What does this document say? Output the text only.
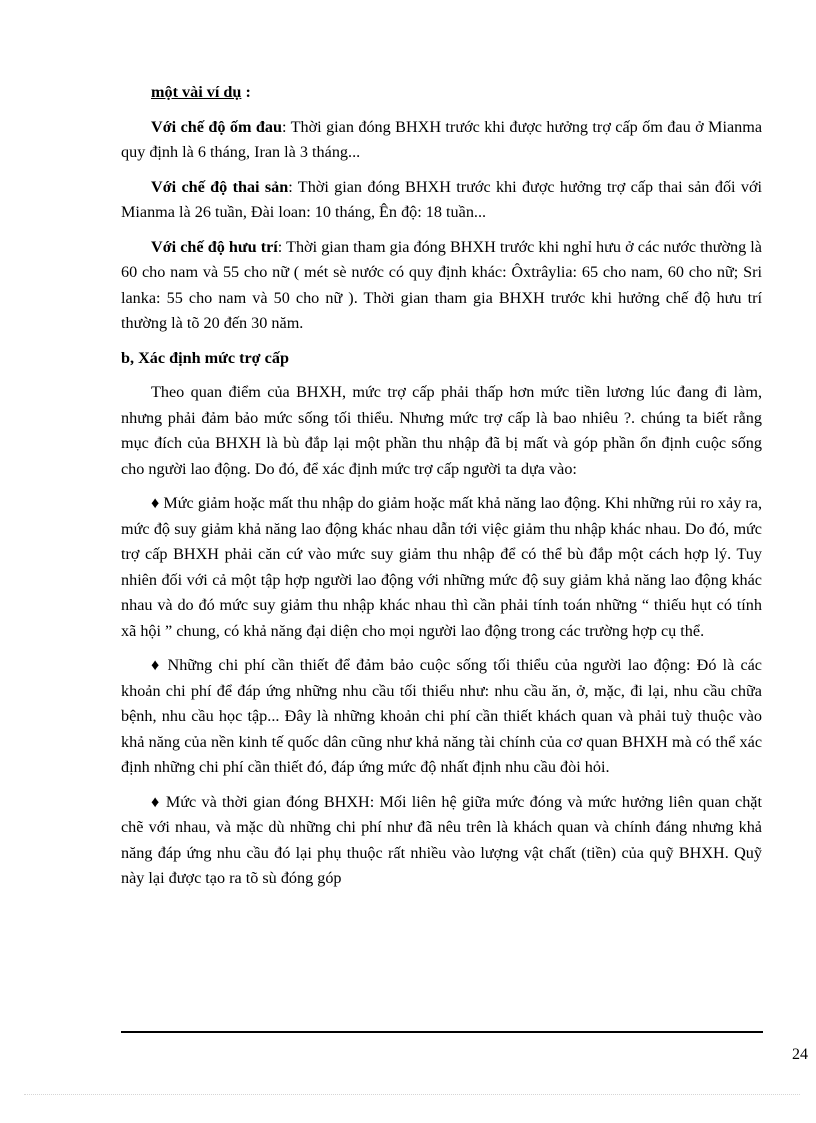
một vài ví dụ :

Với chế độ ốm đau: Thời gian đóng BHXH trước khi được hưởng trợ cấp ốm đau ở Mianma quy định là 6 tháng, Iran là 3 tháng...

Với chế độ thai sản: Thời gian đóng BHXH trước khi được hưởng trợ cấp thai sản đối với Mianma là 26 tuần, Đài loan: 10 tháng, Ên độ: 18 tuần...

Với chế độ hưu trí: Thời gian tham gia đóng BHXH trước khi nghỉ hưu ở các nước thường là 60 cho nam và 55 cho nữ ( mét sè nước có quy định khác: Ôxtrâylia: 65 cho nam, 60 cho nữ; Sri lanka: 55 cho nam và 50 cho nữ ). Thời gian tham gia BHXH trước khi hưởng chế độ hưu trí thường là tõ 20 đến 30 năm.

b, Xác định mức trợ cấp

Theo quan điểm của BHXH, mức trợ cấp phải thấp hơn mức tiền lương lúc đang đi làm, nhưng phải đảm bảo mức sống tối thiểu. Nhưng mức trợ cấp là bao nhiêu ?. chúng ta biết rằng mục đích của BHXH là bù đắp lại một phần thu nhập đã bị mất và góp phần ổn định cuộc sống cho người lao động. Do đó, để xác định mức trợ cấp người ta dựa vào:

♦ Mức giảm hoặc mất thu nhập do giảm hoặc mất khả năng lao động. Khi những rủi ro xảy ra, mức độ suy giảm khả năng lao động khác nhau dẫn tới việc giảm thu nhập khác nhau. Do đó, mức trợ cấp BHXH phải căn cứ vào mức suy giảm thu nhập để có thể bù đắp một cách hợp lý. Tuy nhiên đối với cả một tập hợp người lao động với những mức độ suy giảm khả năng lao động khác nhau và do đó mức suy giảm thu nhập khác nhau thì cần phải tính toán những “ thiếu hụt có tính xã hội ” chung, có khả năng đại diện cho mọi người lao động trong các trường hợp cụ thể.

♦ Những chi phí cần thiết để đảm bảo cuộc sống tối thiểu của người lao động: Đó là các khoản chi phí để đáp ứng những nhu cầu tối thiểu như: nhu cầu ăn, ở, mặc, đi lại, nhu cầu chữa bệnh, nhu cầu học tập... Đây là những khoản chi phí cần thiết khách quan và phải tuỳ thuộc vào khả năng của nền kinh tế quốc dân cũng như khả năng tài chính của cơ quan BHXH mà có thể xác định những chi phí cần thiết đó, đáp ứng mức độ nhất định nhu cầu đòi hỏi.

♦ Mức và thời gian đóng BHXH: Mối liên hệ giữa mức đóng và mức hưởng liên quan chặt chẽ với nhau, và mặc dù những chi phí như đã nêu trên là khách quan và chính đáng nhưng khả năng đáp ứng nhu cầu đó lại phụ thuộc rất nhiều vào lượng vật chất (tiền) của quỹ BHXH. Quỹ này lại được tạo ra tõ sù đóng góp

24
